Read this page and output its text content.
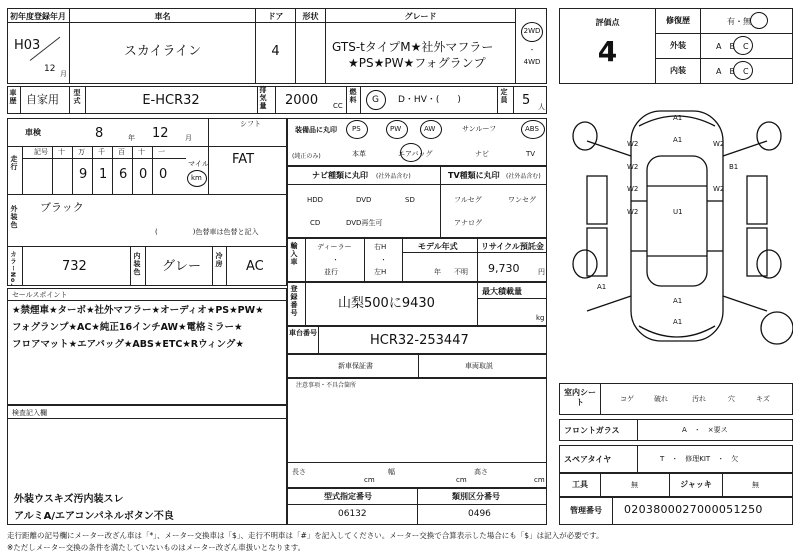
初年度登録年月
H03
12 月
車名
スカイライン
ドア
4
形状	グレード
GTS-tタイプM★社外マフラー
★PS★PW★フォグランプ
2WD
・
4WD
車歴 自家用 型式	E-HCR32	排気量 2000 CC
燃料 G D・HV・(　　)	定員 5 人
車検	8	年 12 月
シフト
FAT
走行
記号 十 万 千 百 十 一
9 1 6 0 0
マイル
km
外装色 ブラック
(　　　　　)色替車は色替と記入
カラーNo.	732	内装色 グレー 冷房 AC
セールスポイント
★禁煙車★ターボ★社外マフラー★オーディオ★PS★PW★
フォグランプ★AC★純正16インチAW★電格ミラー★
フロアマット★エアバッグ★ABS★ETC★Rウィング★
検査記入欄
外装ウスキズ汚内装スレ
アルミA/エアコンパネルボタン不良
装備品に丸印
(純正のみ)
PS	PW	AW	サンルーフ	ABS
本革	エアバッグ	ナビ	TV
ナビ種類に丸印 (社外品含む)	TV種類に丸印 (社外品含む)
HDD	DVD	SD
CD	DVD再生可
フルセグ	ワンセグ
アナログ
輸入車	ディーラー
・
並行
右H
・
左H
モデル年式
年 不明
リサイクル預託金
9,730	円
登録番号	山梨500に9430
最大積載量
kg
車台番号	HCR32-253447
新車保証書	車両取説
注意事項・不具合箇所
長さ
cm
幅
cm
高さ
cm
型式指定番号
06132
類別区分番号
0496
評価点
4
修復歴	有・無
外装	A　B　C
内装	A　B　C
A1
A1
W2	W2
W2	B1
W2	W2
W2	U1
A1
A1
A1
室内シート	コゲ	破れ	汚れ	穴	キズ
フロントガラス	A　・　×要ス
スペアタイヤ	T　・　修理KIT　・　欠
工具	無	ジャッキ	無
管理番号	0203800027000051250
走行距離の記号欄にメーター改ざん車は「*」、メーター交換車は「$」、走行不明車は「#」を記入してください。メーター交換で合算表示した場合にも「$」は記入が必要です。
※ただしメーター交換の条件を満たしていないものはメーター改ざん車扱いとなります。
